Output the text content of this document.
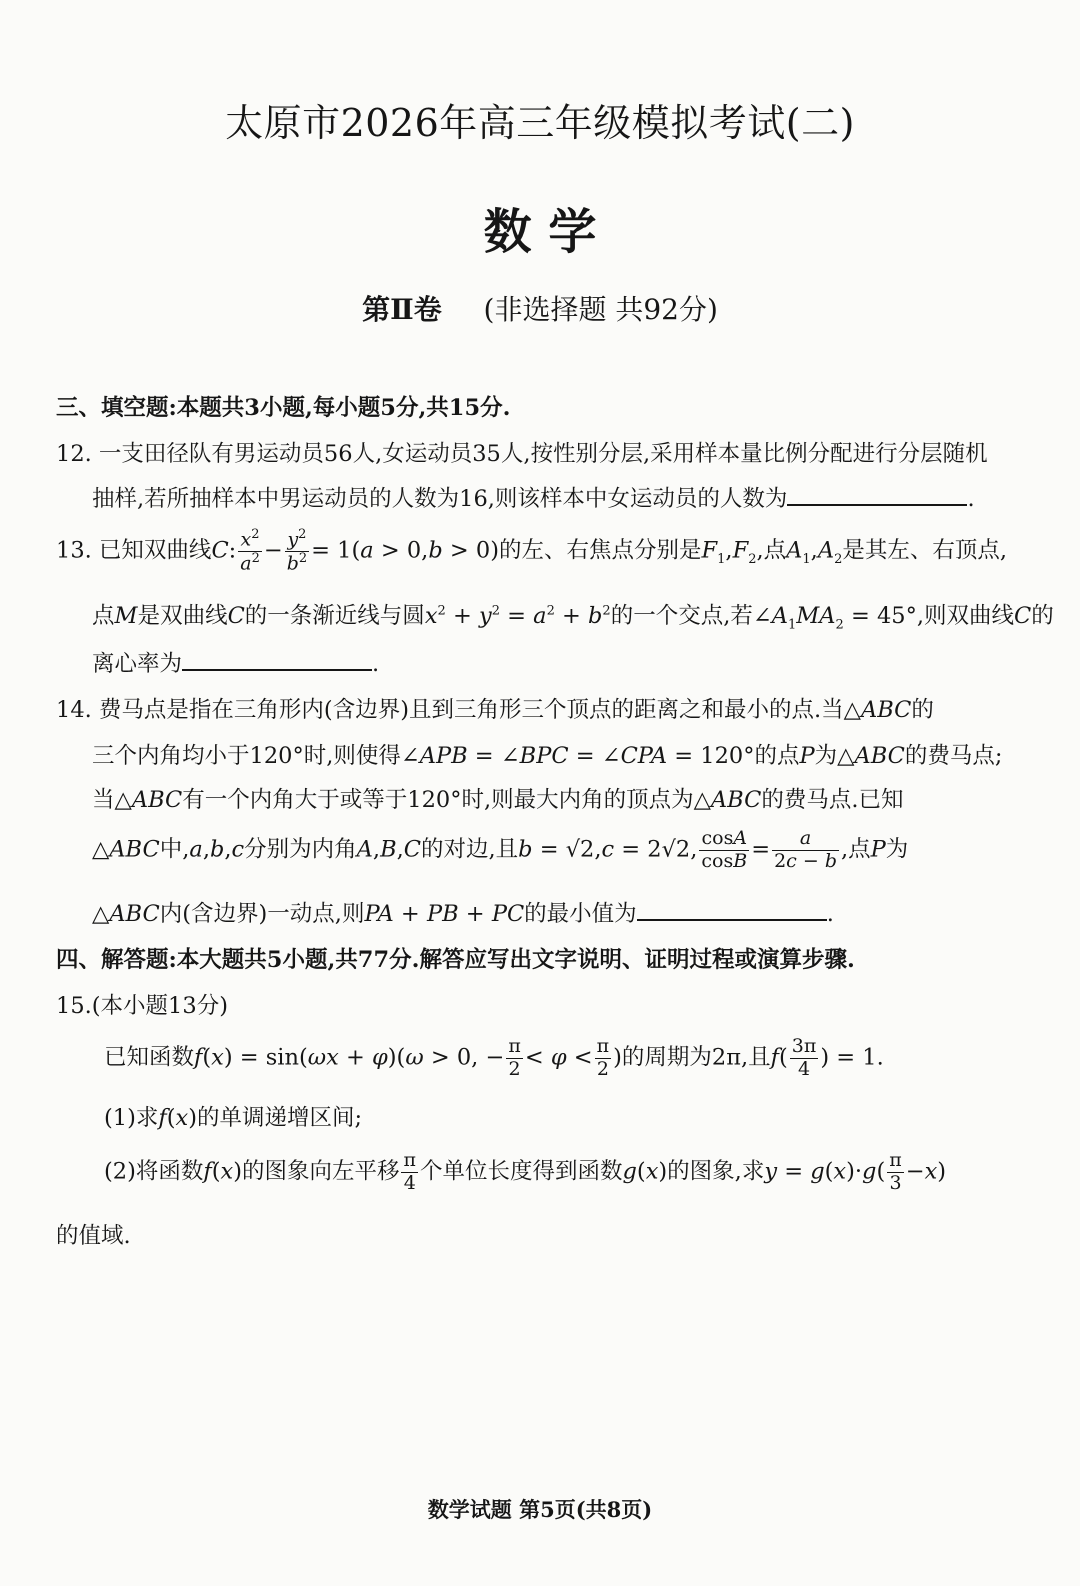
太原市2026年高三年级模拟考试(二)
数 学
第Ⅱ卷 (非选择题 共92分)
三、填空题:本题共3小题,每小题5分,共15分.
12. 一支田径队有男运动员56人,女运动员35人,按性别分层,采用样本量比例分配进行分层随机
抽样,若所抽样本中男运动员的人数为16,则该样本中女运动员的人数为	.
13. 已知双曲线C: $\frac{x^2}{a^2} - \frac{y^2}{b^2} = 1(a > 0,b > 0)$的左、右焦点分别是$F_1,F_2$,点$A_1,A_2$是其左、右顶点,
点M是双曲线C的一条渐近线与圆$x^2 + y^2 = a^2 + b^2$的一个交点,若$\angle A_1MA_2 = 45^\circ$,则双曲线C的
离心率为	.
14. 费马点是指在三角形内(含边界)且到三角形三个顶点的距离之和最小的点.当△ABC的
三个内角均小于120°时,则使得∠APB = ∠BPC = ∠CPA = 120°的点P为△ABC的费马点;
当△ABC有一个内角大于或等于120°时,则最大内角的顶点为△ABC的费马点.已知
△ABC中,a,b,c分别为内角A,B,C的对边,且b = √2,c = 2√2, $\frac{\cos A}{\cos B} = \frac{a}{2c - b}$ ,点P为
△ABC内(含边界)一动点,则PA + PB + PC的最小值为	.
四、解答题:本大题共5小题,共77分.解答应写出文字说明、证明过程或演算步骤.
15.(本小题13分)
已知函数f(x) = sin(ωx + φ)(ω > 0, − $\frac{\pi}{2} < \varphi < \frac{\pi}{2}$ )的周期为2π,且$f( \frac{3\pi}{4}$ ) = 1.
(1)求f(x)的单调递增区间;
(2)将函数f(x)的图象向左平移 $\frac{\pi}{4}$ 个单位长度得到函数g(x)的图象,求$y = g(x)\cdot g( \frac{\pi}{3} -x)$
的值域.
数学试题 第5页(共8页)
